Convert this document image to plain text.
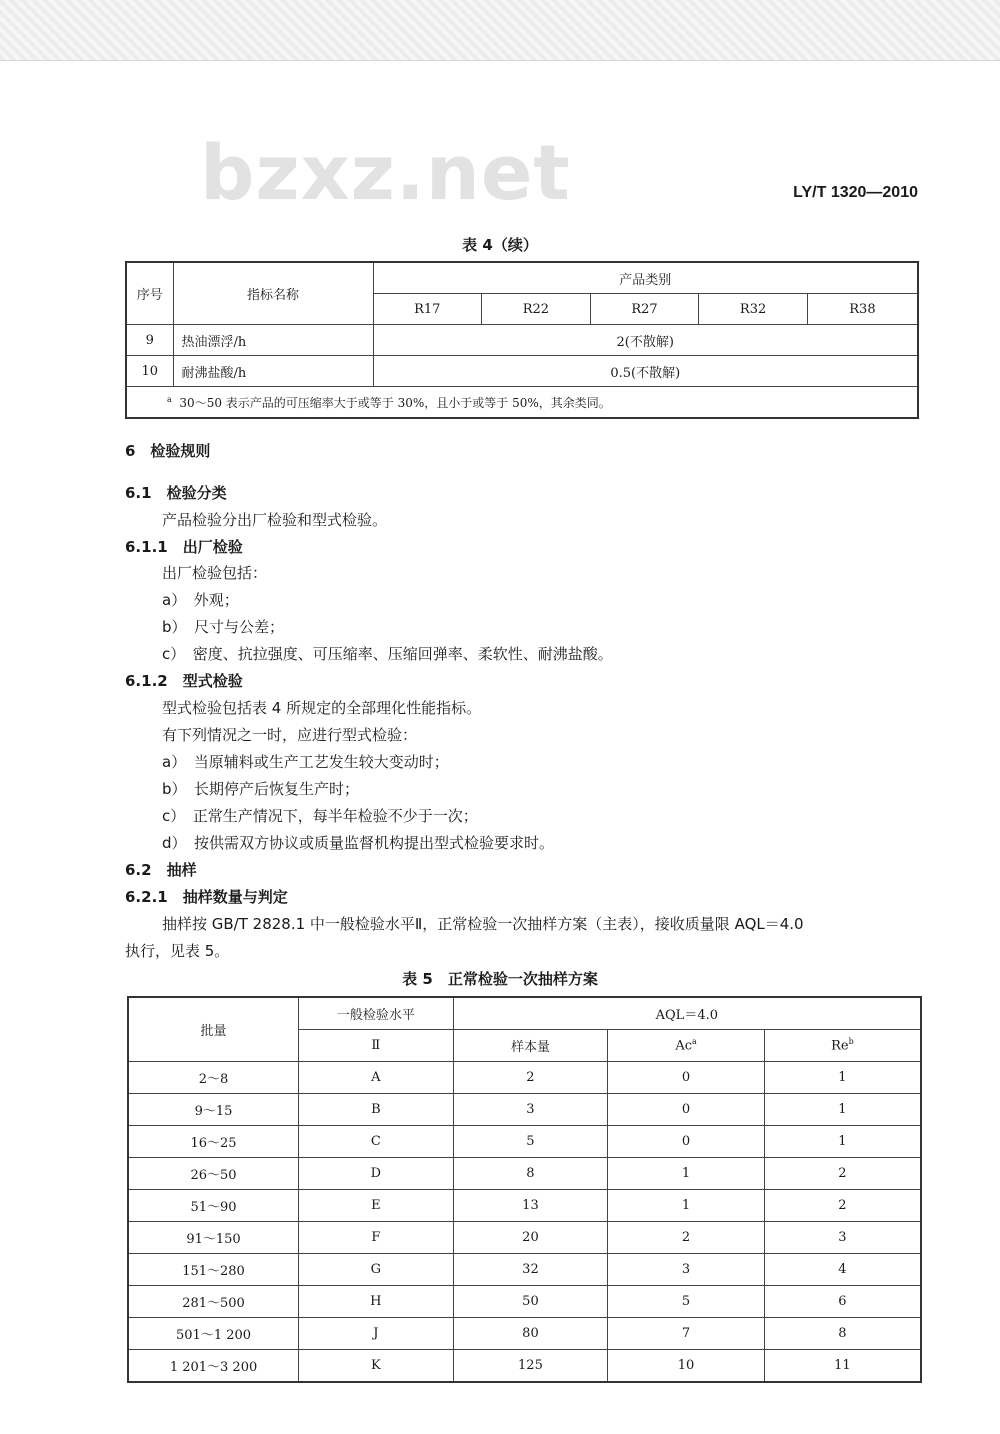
bzxz.net	LY/T 1320—2010
表 4（续）
序号	指标名称	产品类别				
		R17	R22	R27	R32	R38
9	热油漂浮/h	2(不散解)				
10	耐沸盐酸/h	0.5(不散解)				
$^a$ 30～50 表示产品的可压缩率大于或等于 30%，且小于或等于 50%，其余类同。						
6　检验规则
6.1　检验分类
产品检验分出厂检验和型式检验。
6.1.1　出厂检验
出厂检验包括：
a）　外观；
b）　尺寸与公差；
c）　密度、抗拉强度、可压缩率、压缩回弹率、柔软性、耐沸盐酸。
6.1.2　型式检验
型式检验包括表 4 所规定的全部理化性能指标。
有下列情况之一时，应进行型式检验：
a）　当原辅料或生产工艺发生较大变动时；
b）　长期停产后恢复生产时；
c）　正常生产情况下，每半年检验不少于一次；
d）　按供需双方协议或质量监督机构提出型式检验要求时。
6.2　抽样
6.2.1　抽样数量与判定
抽样按 GB/T 2828.1 中一般检验水平Ⅱ，正常检验一次抽样方案（主表），接收质量限 AQL＝4.0
执行，见表 5。
表 5　正常检验一次抽样方案
批量	一般检验水平	AQL＝4.0		
	Ⅱ	样本量	Ac$^a$	Re$^b$
2～8	A	2	0	1
9～15	B	3	0	1
16～25	C	5	0	1
26～50	D	8	1	2
51～90	E	13	1	2
91～150	F	20	2	3
151～280	G	32	3	4
281～500	H	50	5	6
501～1 200	J	80	7	8
1 201～3 200	K	125	10	11
